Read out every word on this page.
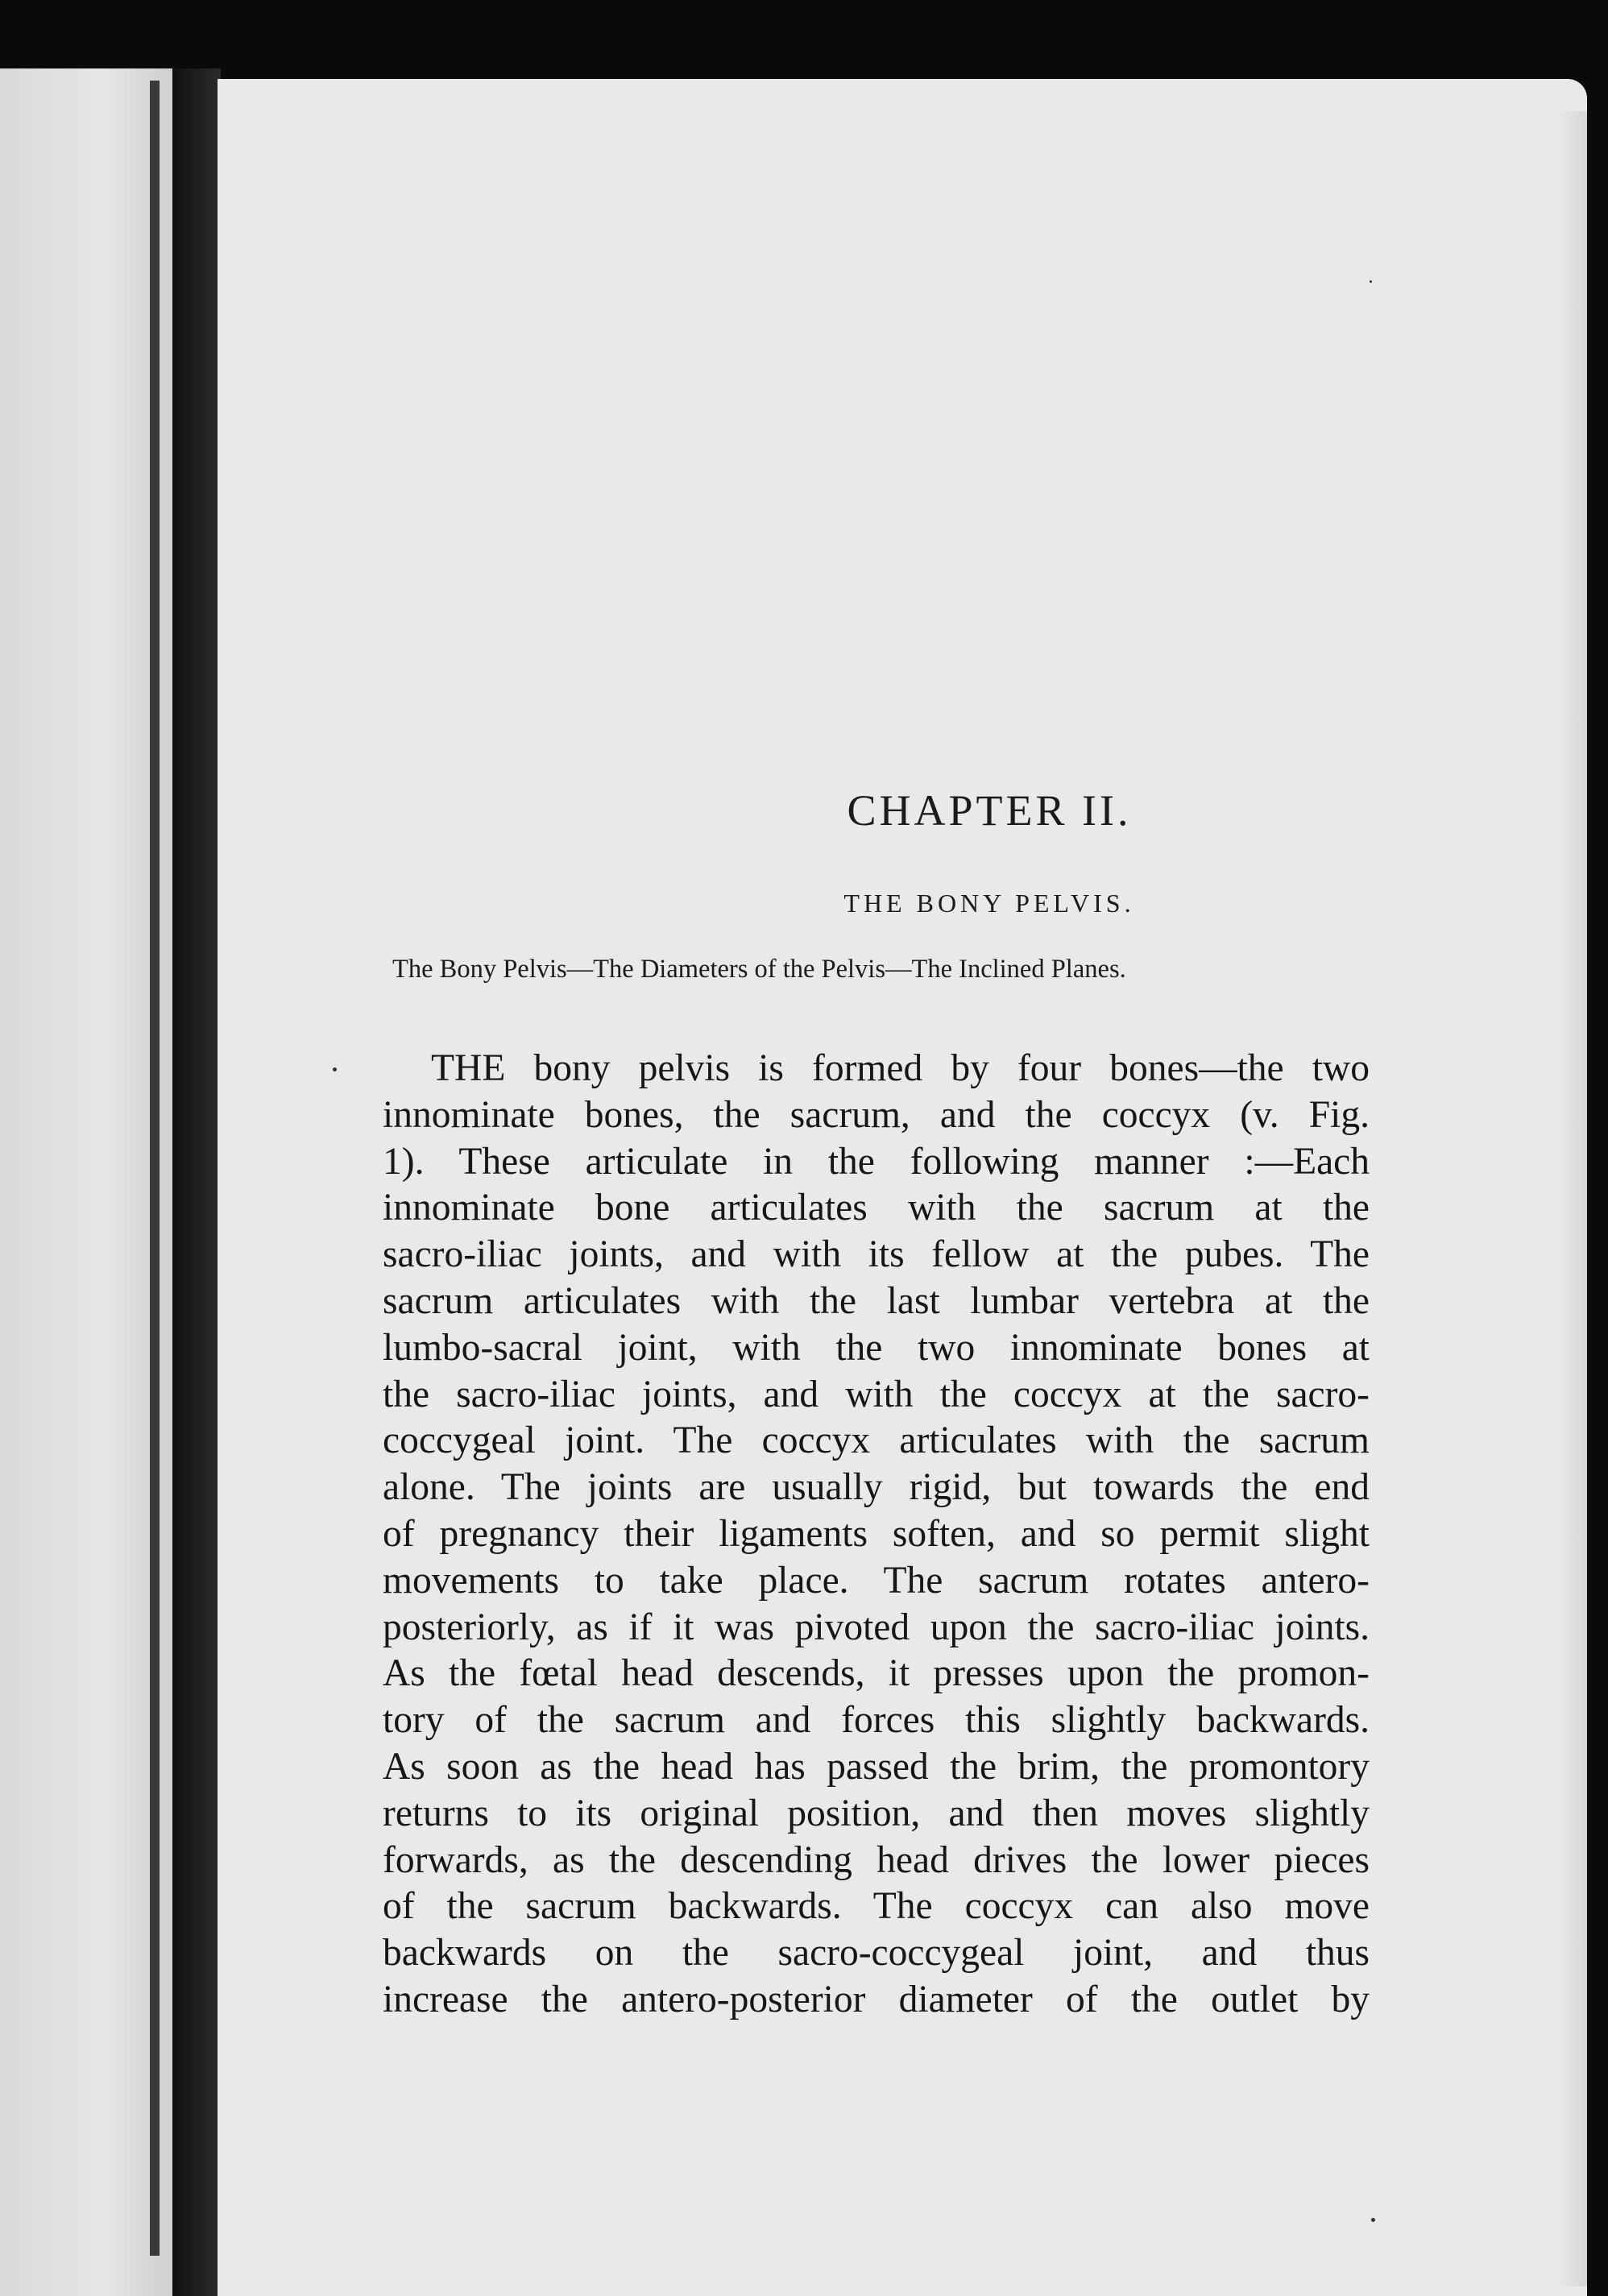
CHAPTER II.
THE BONY PELVIS.
The Bony Pelvis—The Diameters of the Pelvis—The Inclined Planes.
THE bony pelvis is formed by four bones—the two
innominate bones, the sacrum, and the coccyx (v. Fig.
1). These articulate in the following manner :—Each
innominate bone articulates with the sacrum at the
sacro-iliac joints, and with its fellow at the pubes. The
sacrum articulates with the last lumbar vertebra at the
lumbo-sacral joint, with the two innominate bones at
the sacro-iliac joints, and with the coccyx at the sacro-
coccygeal joint. The coccyx articulates with the sacrum
alone. The joints are usually rigid, but towards the end
of pregnancy their ligaments soften, and so permit slight
movements to take place. The sacrum rotates antero-
posteriorly, as if it was pivoted upon the sacro-iliac joints.
As the fœtal head descends, it presses upon the promon-
tory of the sacrum and forces this slightly backwards.
As soon as the head has passed the brim, the promontory
returns to its original position, and then moves slightly
forwards, as the descending head drives the lower pieces
of the sacrum backwards. The coccyx can also move
backwards on the sacro-coccygeal joint, and thus
increase the antero-posterior diameter of the outlet by
